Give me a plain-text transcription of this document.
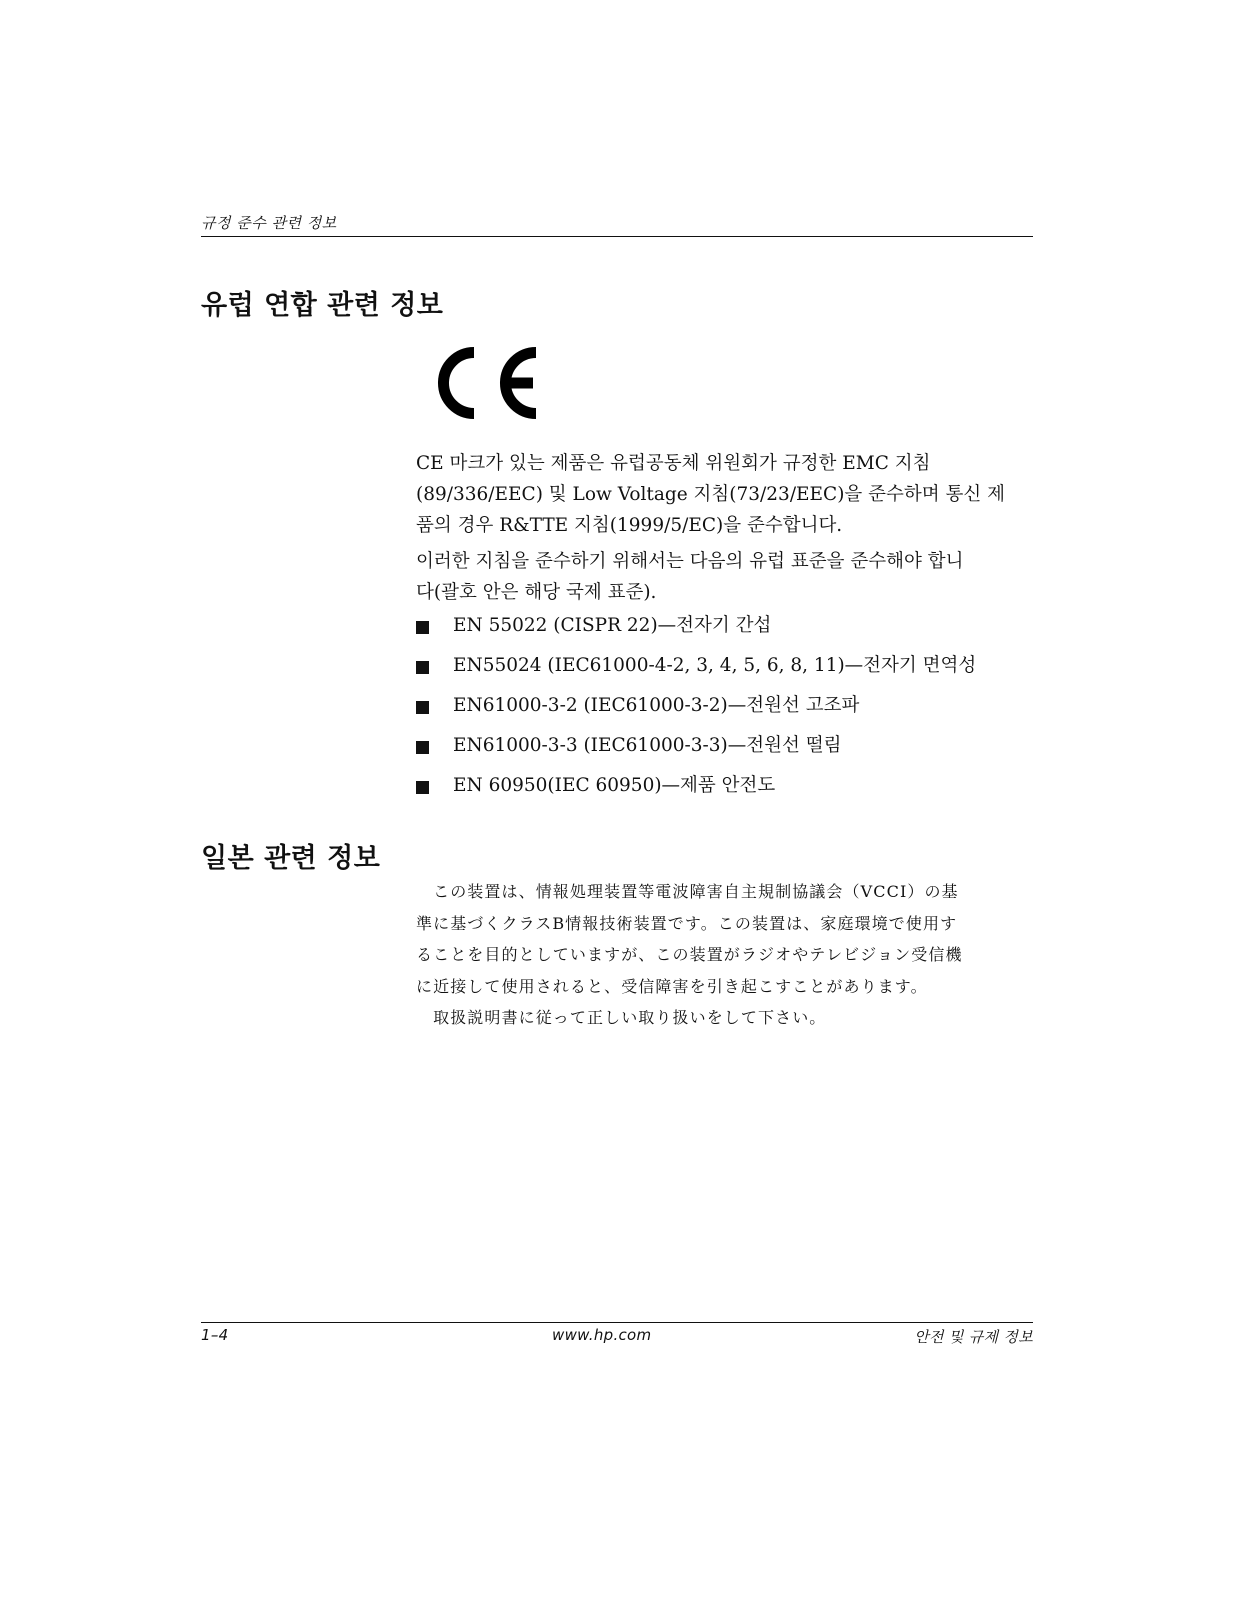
규정 준수 관련 정보
유럽 연합 관련 정보

CE 마크가 있는 제품은 유럽공동체 위원회가 규정한 EMC 지침

(89/336/EEC) 및 Low Voltage 지침(73/23/EEC)을 준수하며 통신 제

품의 경우 R&TTE 지침(1999/5/EC)을 준수합니다.

이러한 지침을 준수하기 위해서는 다음의 유럽 표준을 준수해야 합니

다(괄호 안은 해당 국제 표준).

EN 55022 (CISPR 22)—전자기 간섭
EN55024 (IEC61000-4-2, 3, 4, 5, 6, 8, 11)—전자기 면역성
EN61000-3-2 (IEC61000-3-2)—전원선 고조파
EN61000-3-3 (IEC61000-3-3)—전원선 떨림
EN 60950(IEC 60950)—제품 안전도
일본 관련 정보

　この装置は、情報処理装置等電波障害自主規制協議会（VCCI）の基

準に基づくクラスB情報技術装置です。この装置は、家庭環境で使用す

ることを目的としていますが、この装置がラジオやテレビジョン受信機

に近接して使用されると、受信障害を引き起こすことがあります。

　取扱説明書に従って正しい取り扱いをして下さい。

1–4	www.hp.com	안전 및 규제 정보
